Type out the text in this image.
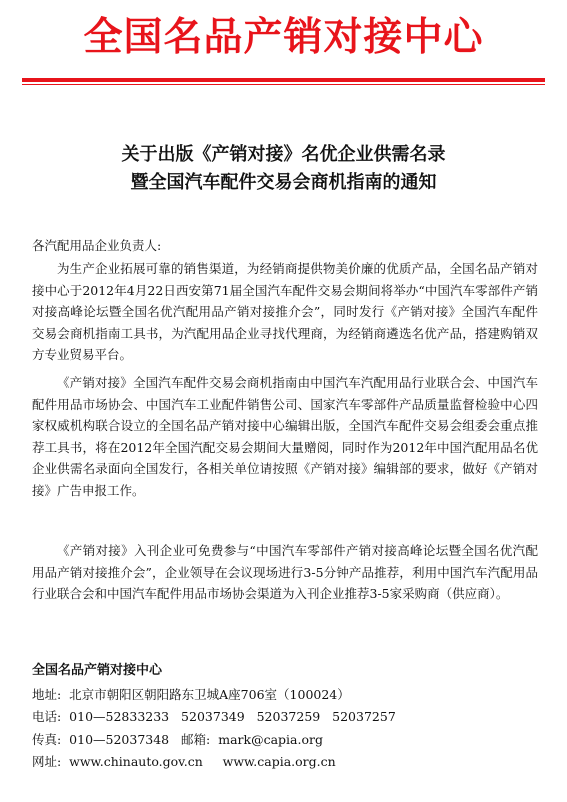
全国名品产销对接中心
关于出版《产销对接》名优企业供需名录
暨全国汽车配件交易会商机指南的通知
各汽配用品企业负责人:
为生产企业拓展可靠的销售渠道，为经销商提供物美价廉的优质产品，全国名品产销对接中心于2012年4月22日西安第71届全国汽车配件交易会期间将举办“中国汽车零部件产销对接高峰论坛暨全国名优汽配用品产销对接推介会”，同时发行《产销对接》全国汽车配件交易会商机指南工具书，为汽配用品企业寻找代理商，为经销商遴选名优产品，搭建购销双方专业贸易平台。
《产销对接》全国汽车配件交易会商机指南由中国汽车汽配用品行业联合会、中国汽车配件用品市场协会、中国汽车工业配件销售公司、国家汽车零部件产品质量监督检验中心四家权威机构联合设立的全国名品产销对接中心编辑出版，全国汽车配件交易会组委会重点推荐工具书，将在2012年全国汽配交易会期间大量赠阅，同时作为2012年中国汽配用品名优企业供需名录面向全国发行，各相关单位请按照《产销对接》编辑部的要求，做好《产销对接》广告申报工作。
《产销对接》入刊企业可免费参与“中国汽车零部件产销对接高峰论坛暨全国名优汽配用品产销对接推介会”，企业领导在会议现场进行3-5分钟产品推荐，利用中国汽车汽配用品行业联合会和中国汽车配件用品市场协会渠道为入刊企业推荐3-5家采购商（供应商）。
全国名品产销对接中心
地址:  北京市朝阳区朝阳路东卫城A座706室（100024）
电话:  010—52833233   52037349   52037259   52037257
传真:  010—52037348   邮箱:  mark@capia.org
网址:  www.chinauto.gov.cn     www.capia.org.cn
